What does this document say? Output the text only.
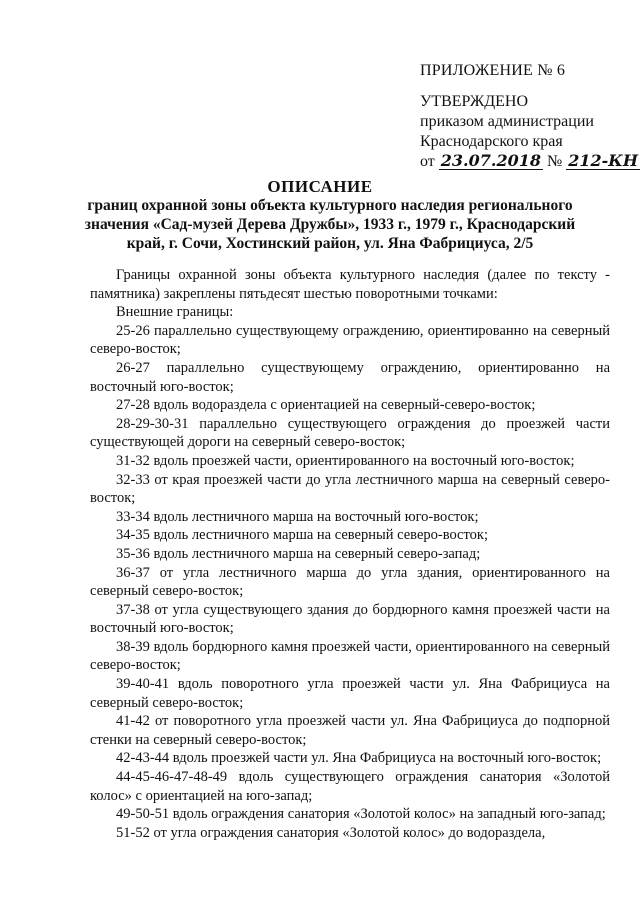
ПРИЛОЖЕНИЕ № 6
УТВЕРЖДЕНО
приказом администрации
Краснодарского края
от 23.07.2018 № 212-КН
ОПИСАНИЕ
границ охранной зоны объекта культурного наследия регионального
значения «Сад-музей Дерева Дружбы», 1933 г., 1979 г., Краснодарский
край, г. Сочи, Хостинский район, ул. Яна Фабрициуса, 2/5

Границы охранной зоны объекта культурного наследия (далее по тексту - памятника) закреплены пятьдесят шестью поворотными точками:

Внешние границы:

25-26 параллельно существующему ограждению, ориентированно на северный северо-восток;

26-27 параллельно существующему ограждению, ориентированно на восточный юго-восток;

27-28 вдоль водораздела с ориентацией на северный-северо-восток;

28-29-30-31 параллельно существующего ограждения до проезжей части существующей дороги на северный северо-восток;

31-32 вдоль проезжей части, ориентированного на восточный юго-восток;

32-33 от края проезжей части до угла лестничного марша на северный северо-восток;

33-34 вдоль лестничного марша на восточный юго-восток;

34-35 вдоль лестничного марша на северный северо-восток;

35-36 вдоль лестничного марша на северный северо-запад;

36-37 от угла лестничного марша до угла здания, ориентированного на северный северо-восток;

37-38 от угла существующего здания до бордюрного камня проезжей части на восточный юго-восток;

38-39 вдоль бордюрного камня проезжей части, ориентированного на северный северо-восток;

39-40-41 вдоль поворотного угла проезжей части ул. Яна Фабрициуса на северный северо-восток;

41-42 от поворотного угла проезжей части ул. Яна Фабрициуса до подпорной стенки на северный северо-восток;

42-43-44 вдоль проезжей части ул. Яна Фабрициуса на восточный юго-восток;

44-45-46-47-48-49 вдоль существующего ограждения санатория «Золотой колос» с ориентацией на юго-запад;

49-50-51 вдоль ограждения санатория «Золотой колос» на западный юго-запад;

51-52 от угла ограждения санатория «Золотой колос» до водораздела,
